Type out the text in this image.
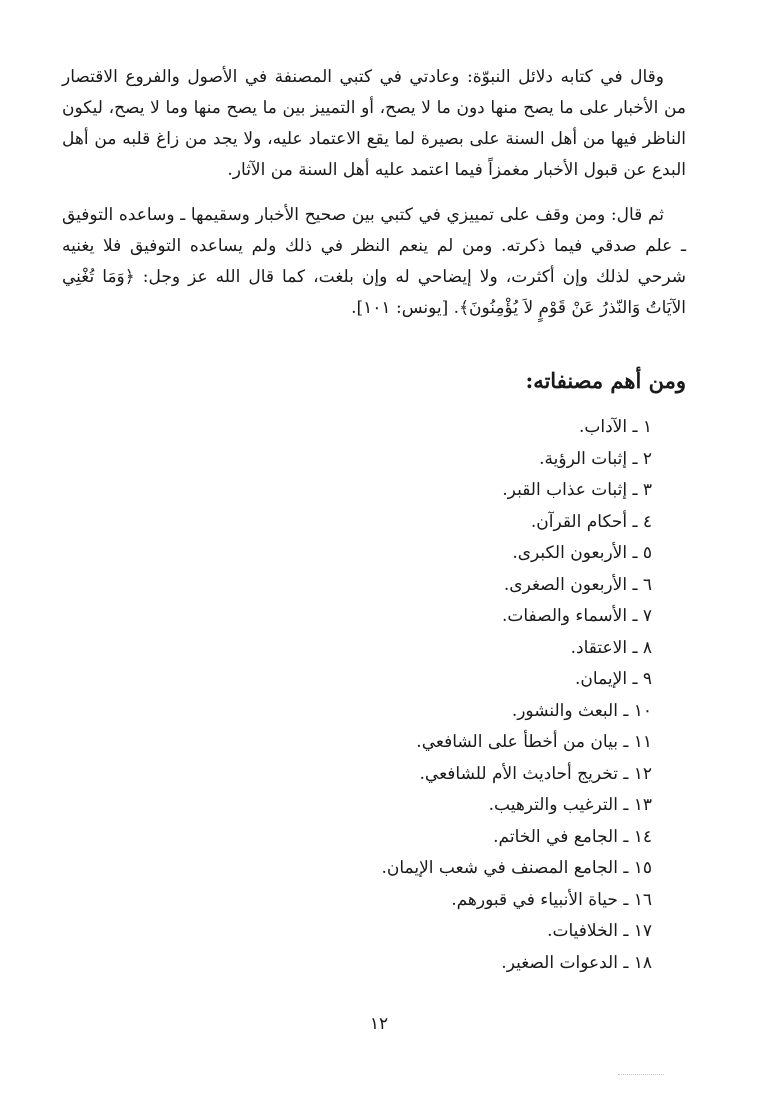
وقال في كتابه دلائل النبوّة: وعادتي في كتبي المصنفة في الأصول والفروع الاقتصار من الأخبار على ما يصح منها دون ما لا يصح، أو التمييز بين ما يصح منها وما لا يصح، ليكون الناظر فيها من أهل السنة على بصيرة لما يقع الاعتماد عليه، ولا يجد من زاغ قلبه من أهل البدع عن قبول الأخبار مغمزاً فيما اعتمد عليه أهل السنة من الآثار.

ثم قال: ومن وقف على تمييزي في كتبي بين صحيح الأخبار وسقيمها ـ وساعده التوفيق ـ علم صدقي فيما ذكرته. ومن لم ينعم النظر في ذلك ولم يساعده التوفيق فلا يغنيه شرحي لذلك وإن أكثرت، ولا إيضاحي له وإن بلغت، كما قال الله عز وجل: ﴿وَمَا تُغْنِي الآيَاتُ وَالنّذرُ عَنْ قَوْمٍ لاَ يُؤْمِنُونَ﴾. [يونس: ١٠١].

ومن أهم مصنفاته:
١ ـ الآداب.
٢ ـ إثبات الرؤية.
٣ ـ إثبات عذاب القبر.
٤ ـ أحكام القرآن.
٥ ـ الأربعون الكبرى.
٦ ـ الأربعون الصغرى.
٧ ـ الأسماء والصفات.
٨ ـ الاعتقاد.
٩ ـ الإيمان.
١٠ ـ البعث والنشور.
١١ ـ بيان من أخطأ على الشافعي.
١٢ ـ تخريج أحاديث الأم للشافعي.
١٣ ـ الترغيب والترهيب.
١٤ ـ الجامع في الخاتم.
١٥ ـ الجامع المصنف في شعب الإيمان.
١٦ ـ حياة الأنبياء في قبورهم.
١٧ ـ الخلافيات.
١٨ ـ الدعوات الصغير.
١٢
